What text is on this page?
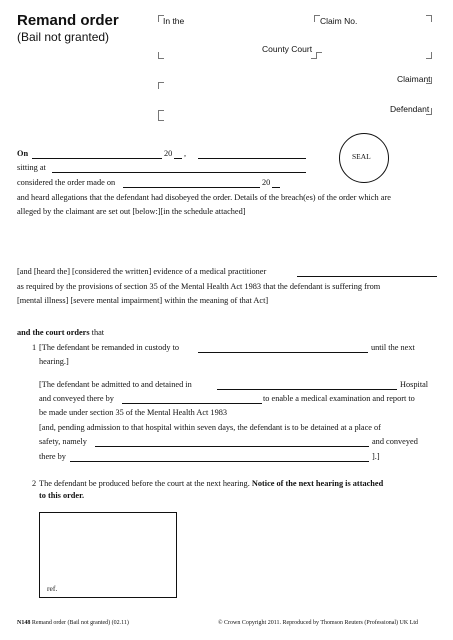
Remand order
(Bail not granted)
In the	Claim No.
County Court
Claimant
Defendant
SEAL
On	20 ,
sitting at
considered the order made on	20
and heard allegations that the defendant had disobeyed the order. Details of the breach(es) of the order which are
alleged by the claimant are set out [below:][in the schedule attached]
[and [heard the] [considered the written] evidence of a medical practitioner
as required by the provisions of section 35 of the Mental Health Act 1983 that the defendant is suffering from
[mental illness] [severe mental impairment] within the meaning of that Act]
and the court orders that
1 [The defendant be remanded in custody to	until the next
hearing.]
[The defendant be admitted to and detained in	Hospital
and conveyed there by	to enable a medical examination and report to
be made under section 35 of the Mental Health Act 1983
[and, pending admission to that hospital within seven days, the defendant is to be detained at a place of
safety, namely	and conveyed
there by	].]
2 The defendant be produced before the court at the next hearing. Notice of the next hearing is attached
to this order.
ref.
N148 Remand order (Bail not granted) (02.11)	© Crown Copyright 2011. Reproduced by Thomson Reuters (Professional) UK Ltd
